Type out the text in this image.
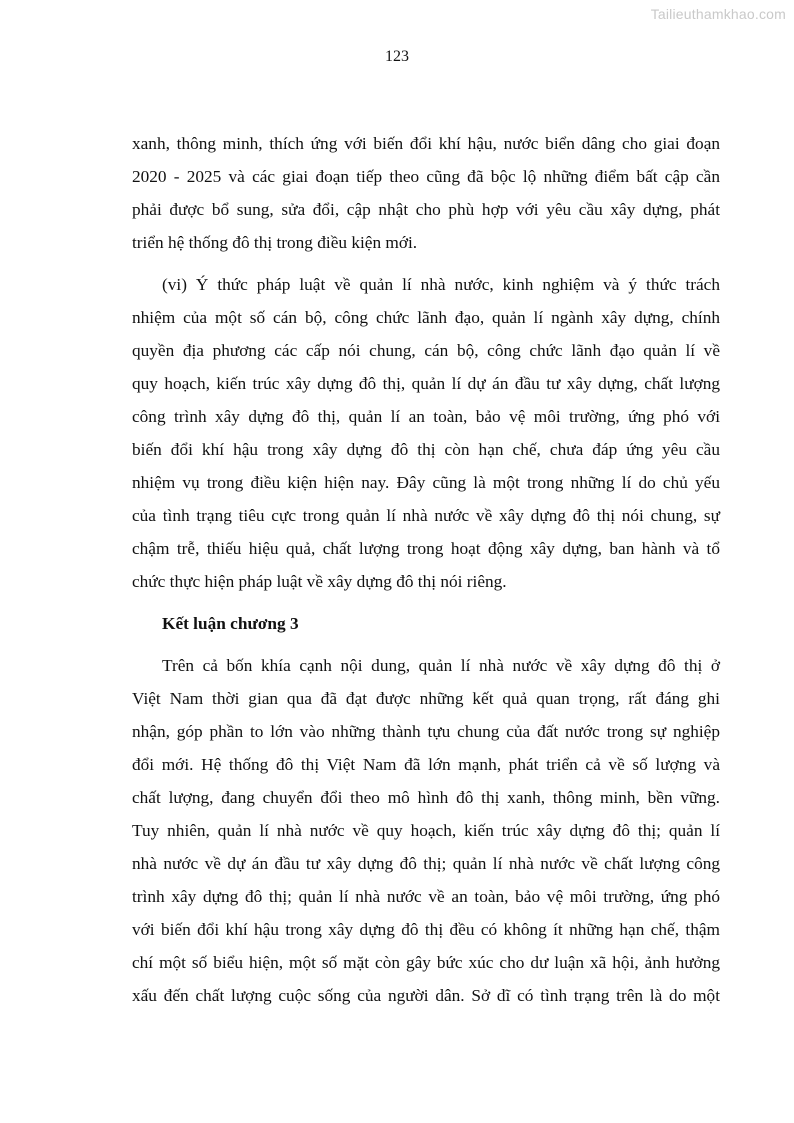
Tailieuthamkhao.com
123

xanh, thông minh, thích ứng với biến đổi khí hậu, nước biển dâng cho giai đoạn
2020 - 2025 và các giai đoạn tiếp theo cũng đã bộc lộ những điểm bất cập cần
phải được bổ sung, sửa đổi, cập nhật cho phù hợp với yêu cầu xây dựng, phát
triển hệ thống đô thị trong điều kiện mới.

(vi) Ý thức pháp luật về quản lí nhà nước, kinh nghiệm và ý thức trách
nhiệm của một số cán bộ, công chức lãnh đạo, quản lí ngành xây dựng, chính
quyền địa phương các cấp nói chung, cán bộ, công chức lãnh đạo quản lí về
quy hoạch, kiến trúc xây dựng đô thị, quản lí dự án đầu tư xây dựng, chất lượng
công trình xây dựng đô thị, quản lí an toàn, bảo vệ môi trường, ứng phó với
biến đổi khí hậu trong xây dựng đô thị còn hạn chế, chưa đáp ứng yêu cầu
nhiệm vụ trong điều kiện hiện nay. Đây cũng là một trong những lí do chủ yếu
của tình trạng tiêu cực trong quản lí nhà nước về xây dựng đô thị nói chung, sự
chậm trễ, thiếu hiệu quả, chất lượng trong hoạt động xây dựng, ban hành và tổ
chức thực hiện pháp luật về xây dựng đô thị nói riêng.

Kết luận chương 3

Trên cả bốn khía cạnh nội dung, quản lí nhà nước về xây dựng đô thị ở
Việt Nam thời gian qua đã đạt được những kết quả quan trọng, rất đáng ghi
nhận, góp phần to lớn vào những thành tựu chung của đất nước trong sự nghiệp
đổi mới. Hệ thống đô thị Việt Nam đã lớn mạnh, phát triển cả về số lượng và
chất lượng, đang chuyển đổi theo mô hình đô thị xanh, thông minh, bền vững.
Tuy nhiên, quản lí nhà nước về quy hoạch, kiến trúc xây dựng đô thị; quản lí
nhà nước về dự án đầu tư xây dựng đô thị; quản lí nhà nước về chất lượng công
trình xây dựng đô thị; quản lí nhà nước về an toàn, bảo vệ môi trường, ứng phó
với biến đổi khí hậu trong xây dựng đô thị đều có không ít những hạn chế, thậm
chí một số biểu hiện, một số mặt còn gây bức xúc cho dư luận xã hội, ảnh hưởng
xấu đến chất lượng cuộc sống của người dân. Sở dĩ có tình trạng trên là do một
